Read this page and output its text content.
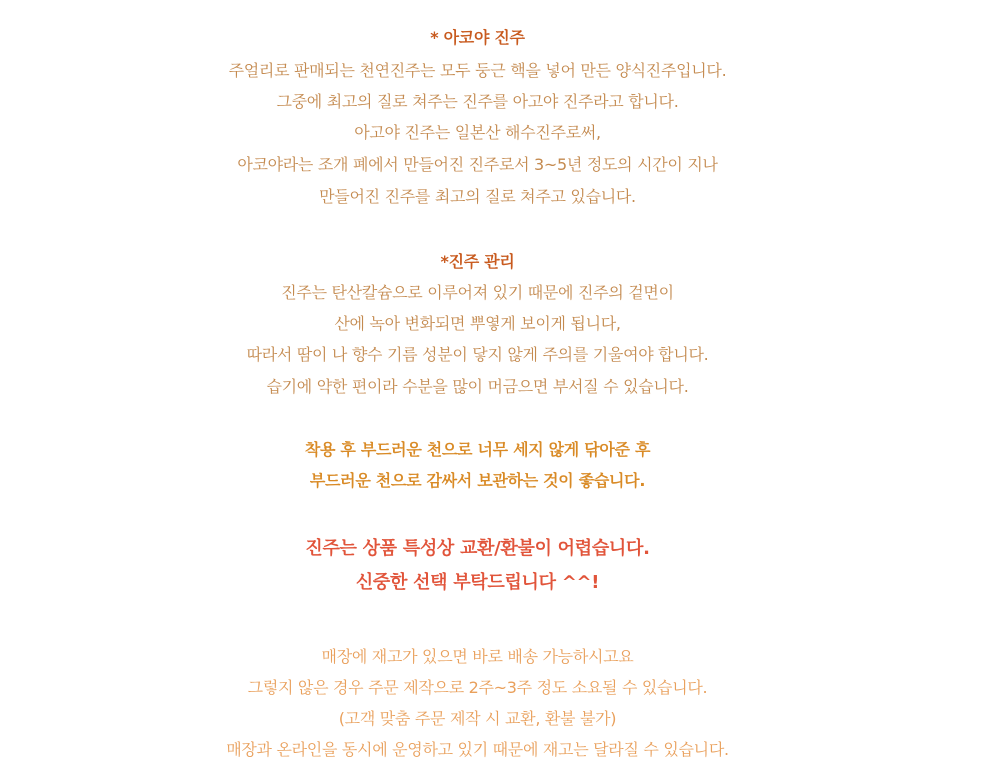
* 아코야 진주
주얼리로 판매되는 천연진주는 모두 둥근 핵을 넣어 만든 양식진주입니다.
그중에 최고의 질로 쳐주는 진주를 아고야 진주라고 합니다.
아고야 진주는 일본산 해수진주로써,
아코야라는 조개 폐에서 만들어진 진주로서 3~5년 정도의 시간이 지나
만들어진 진주를 최고의 질로 쳐주고 있습니다.
*진주 관리
진주는 탄산칼슘으로 이루어져 있기 때문에 진주의 겉면이
산에 녹아 변화되면 뿌옇게 보이게 됩니다,
따라서 땀이 나 향수 기름 성분이 닿지 않게 주의를 기울여야 합니다.
습기에 약한 편이라 수분을 많이 머금으면 부서질 수 있습니다.
착용 후 부드러운 천으로 너무 세지 않게 닦아준 후
부드러운 천으로 감싸서 보관하는 것이 좋습니다.
진주는 상품 특성상 교환/환불이 어렵습니다.
신중한 선택 부탁드립니다 ^^!
매장에 재고가 있으면 바로 배송 가능하시고요
그렇지 않은 경우 주문 제작으로 2주~3주 정도 소요될 수 있습니다.
(고객 맞춤 주문 제작 시 교환, 환불 불가)
매장과 온라인을 동시에 운영하고 있기 때문에 재고는 달라질 수 있습니다.
